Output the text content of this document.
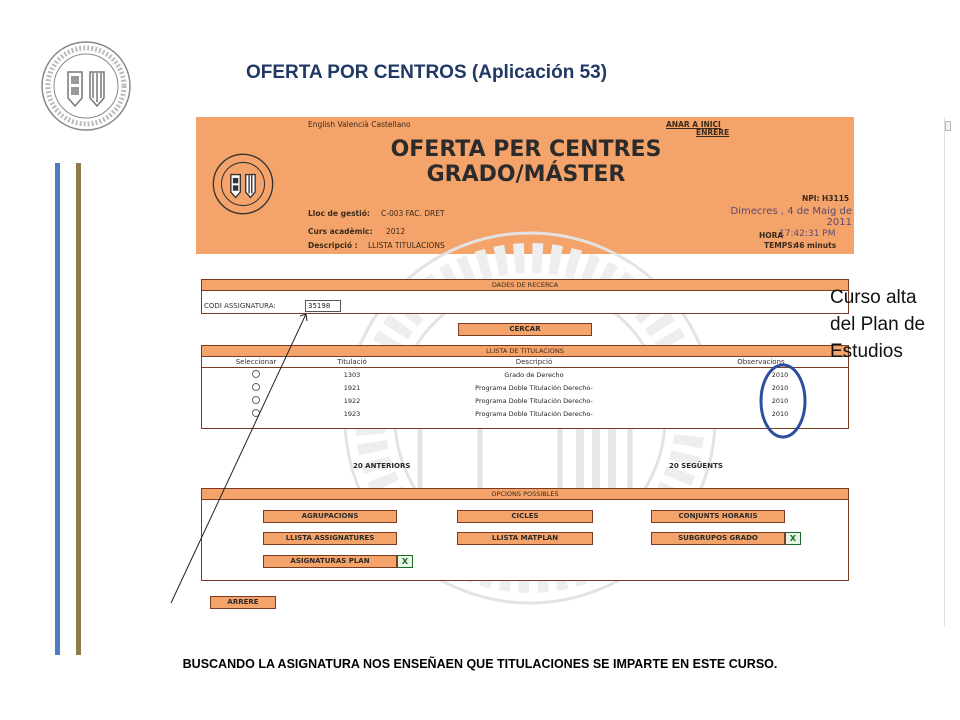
OFERTA POR CENTROS (Aplicación 53)
English Valencià Castellano	ANAR A INICI
ENRERE
OFERTA PER CENTRES
GRADO/MÁSTER
NPI: H3115
Dimecres , 4 de Maig de
2011
HORA
17:42:31 PM
TEMPS:
46 minuts
Lloc de gestió: C-003 FAC. DRET
Curs acadèmic: 2012
Descripció : LLISTA TITULACIONS
DADES DE RECERCA
CODI ASSIGNATURA:	35198
CERCAR
LLISTA DE TITULACIONS
Seleccionar	Titulació	Descripció	Observacions
	1303	Grado de Derecho	2010
	1921	Programa Doble Titulación Derecho-	2010
	1922	Programa Doble Titulación Derecho-	2010
	1923	Programa Doble Titulación Derecho-	2010
20 ANTERIORS	20 SEGÜENTS
OPCIONS POSSIBLES
AGRUPACIONS	CICLES	CONJUNTS HORARIS
LLISTA ASSIGNATURES	LLISTA MATPLAN	SUBGRUPOS GRADO	X
ASIGNATURAS PLAN	X
ARRERE
Curso alta
del Plan de
Estudios
BUSCANDO LA ASIGNATURA NOS ENSEÑAEN QUE TITULACIONES SE IMPARTE EN ESTE CURSO.
